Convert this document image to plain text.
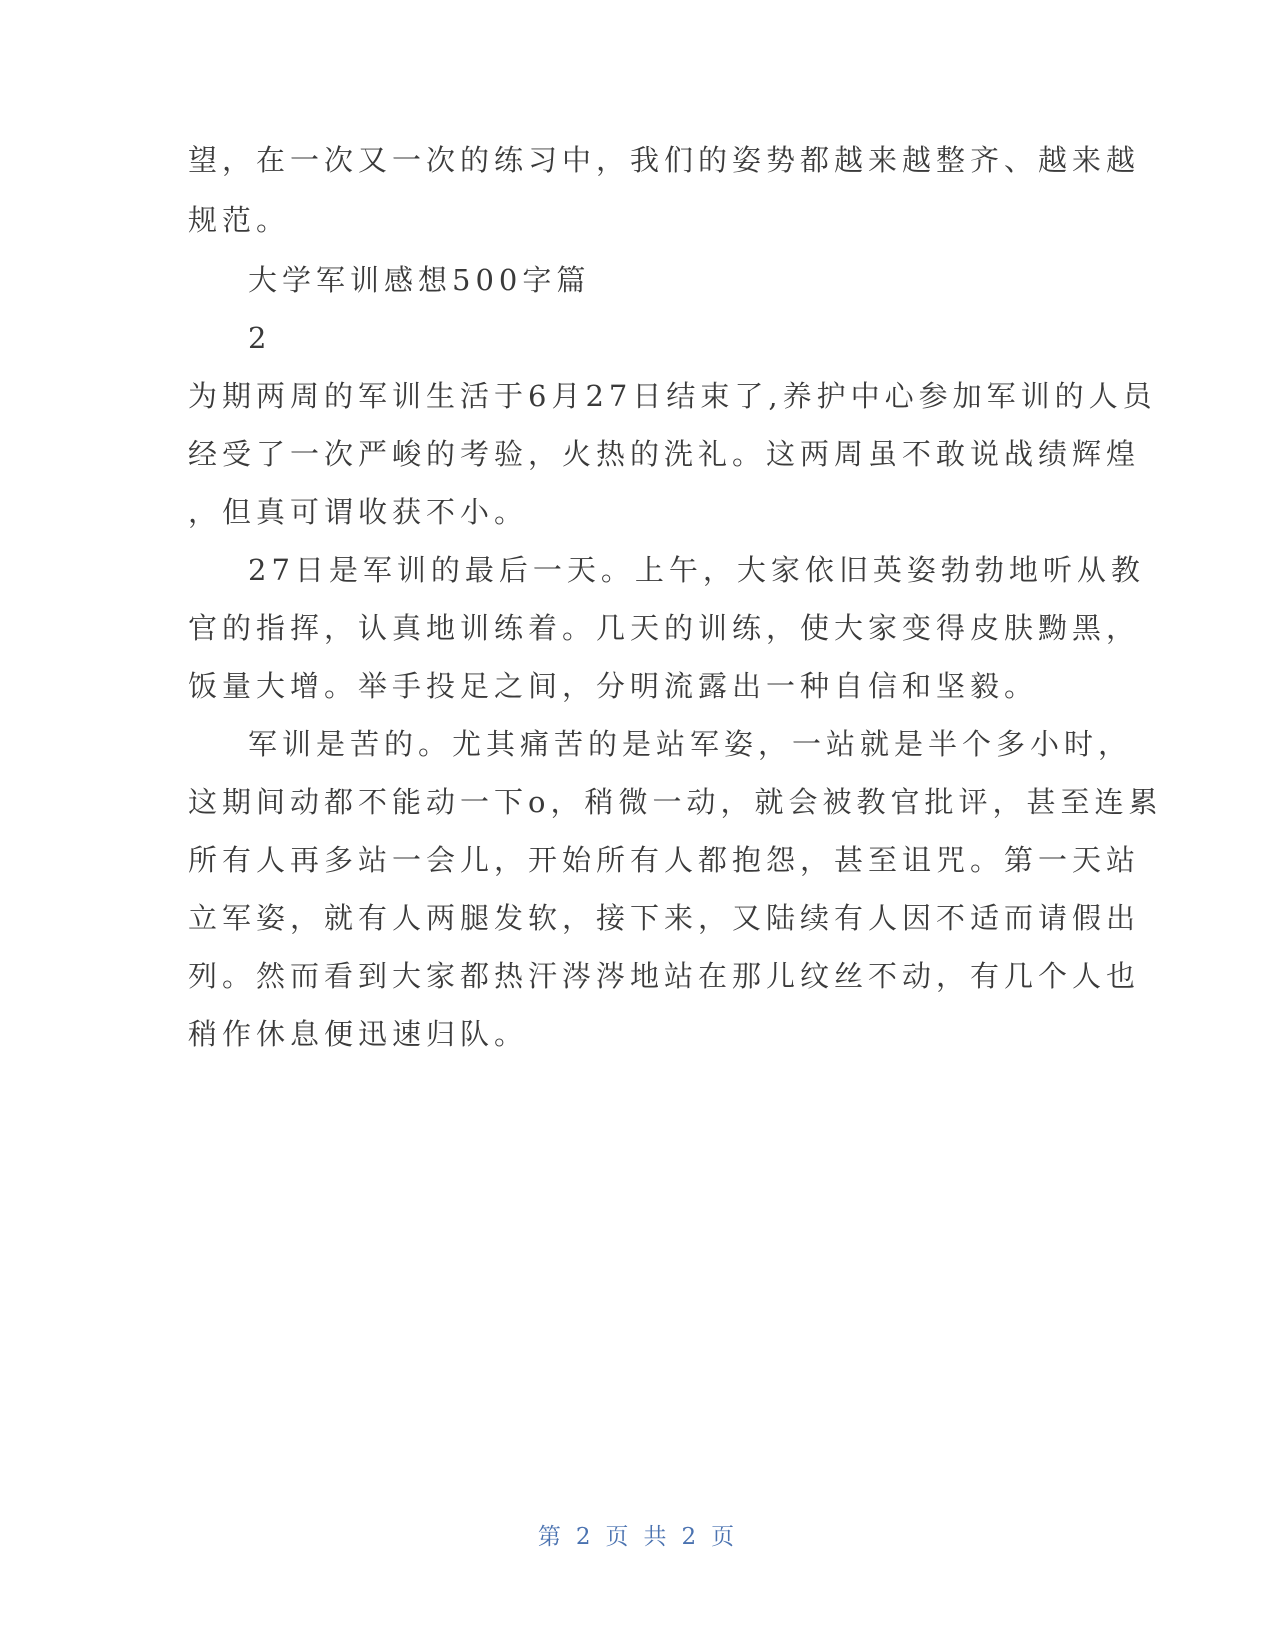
望，在一次又一次的练习中，我们的姿势都越来越整齐、越来越
规范。
大学军训感想500字篇
2
为期两周的军训生活于6月27日结束了,养护中心参加军训的人员
经受了一次严峻的考验，火热的洗礼。这两周虽不敢说战绩辉煌
，但真可谓收获不小。
27日是军训的最后一天。上午，大家依旧英姿勃勃地听从教
官的指挥，认真地训练着。几天的训练，使大家变得皮肤黝黑，
饭量大增。举手投足之间，分明流露出一种自信和坚毅。
军训是苦的。尤其痛苦的是站军姿，一站就是半个多小时，
这期间动都不能动一下o，稍微一动，就会被教官批评，甚至连累
所有人再多站一会儿，开始所有人都抱怨，甚至诅咒。第一天站
立军姿，就有人两腿发软，接下来，又陆续有人因不适而请假出
列。然而看到大家都热汗涔涔地站在那儿纹丝不动，有几个人也
稍作休息便迅速归队。
第 2 页 共 2 页
